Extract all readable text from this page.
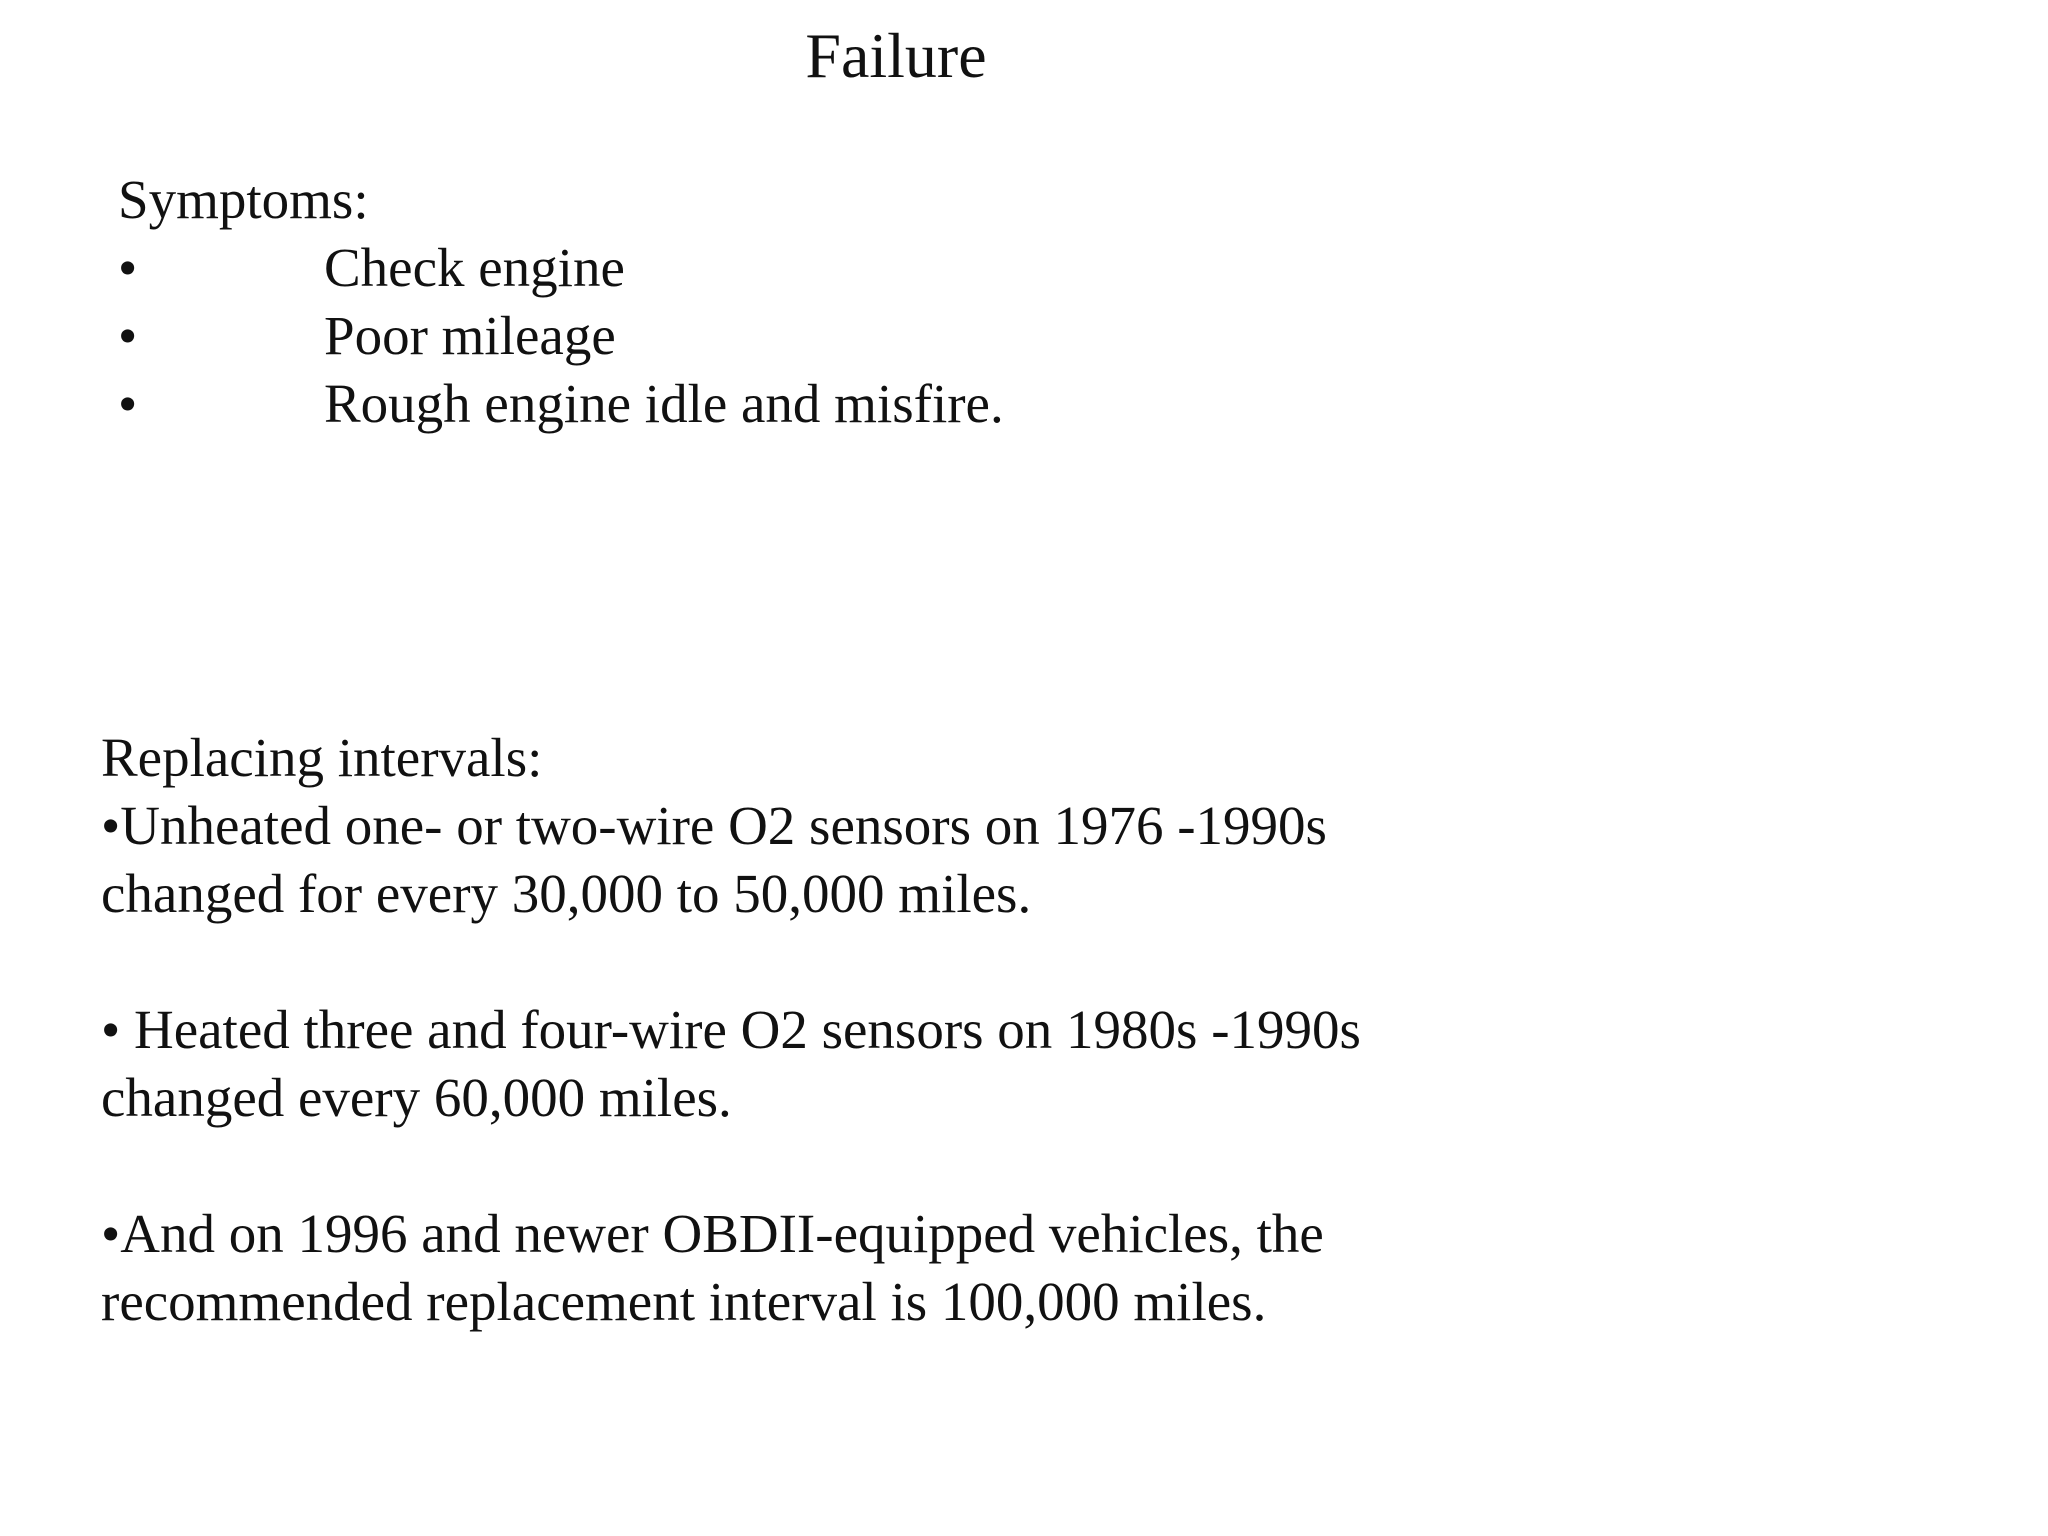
Failure
Symptoms:
•	Check engine
•	Poor mileage
•	Rough engine idle and misfire.
Replacing intervals:
•Unheated one- or two-wire O2 sensors on 1976 -1990s
changed for every 30,000 to 50,000 miles.
• Heated three and four-wire O2 sensors on 1980s -1990s
changed every 60,000 miles.
•And on 1996 and newer OBDII-equipped vehicles, the
recommended replacement interval is 100,000 miles.
